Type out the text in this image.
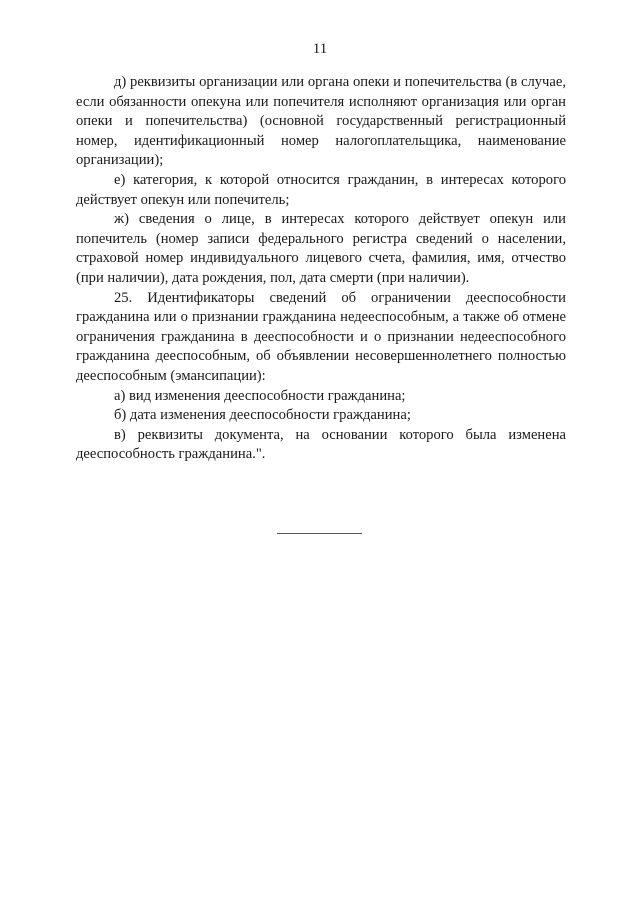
11

д) реквизиты организации или органа опеки и попечительства (в случае, если обязанности опекуна или попечителя исполняют организация или орган опеки и попечительства) (основной государственный регистрационный номер, идентификационный номер налогоплательщика, наименование организации);

е) категория, к которой относится гражданин, в интересах которого действует опекун или попечитель;

ж) сведения о лице, в интересах которого действует опекун или попечитель (номер записи федерального регистра сведений о населении, страховой номер индивидуального лицевого счета, фамилия, имя, отчество (при наличии), дата рождения, пол, дата смерти (при наличии).

25. Идентификаторы сведений об ограничении дееспособности гражданина или о признании гражданина недееспособным, а также об отмене ограничения гражданина в дееспособности и о признании недееспособного гражданина дееспособным, об объявлении несовершеннолетнего полностью дееспособным (эмансипации):

а) вид изменения дееспособности гражданина;

б) дата изменения дееспособности гражданина;

в) реквизиты документа, на основании которого была изменена дееспособность гражданина.".
